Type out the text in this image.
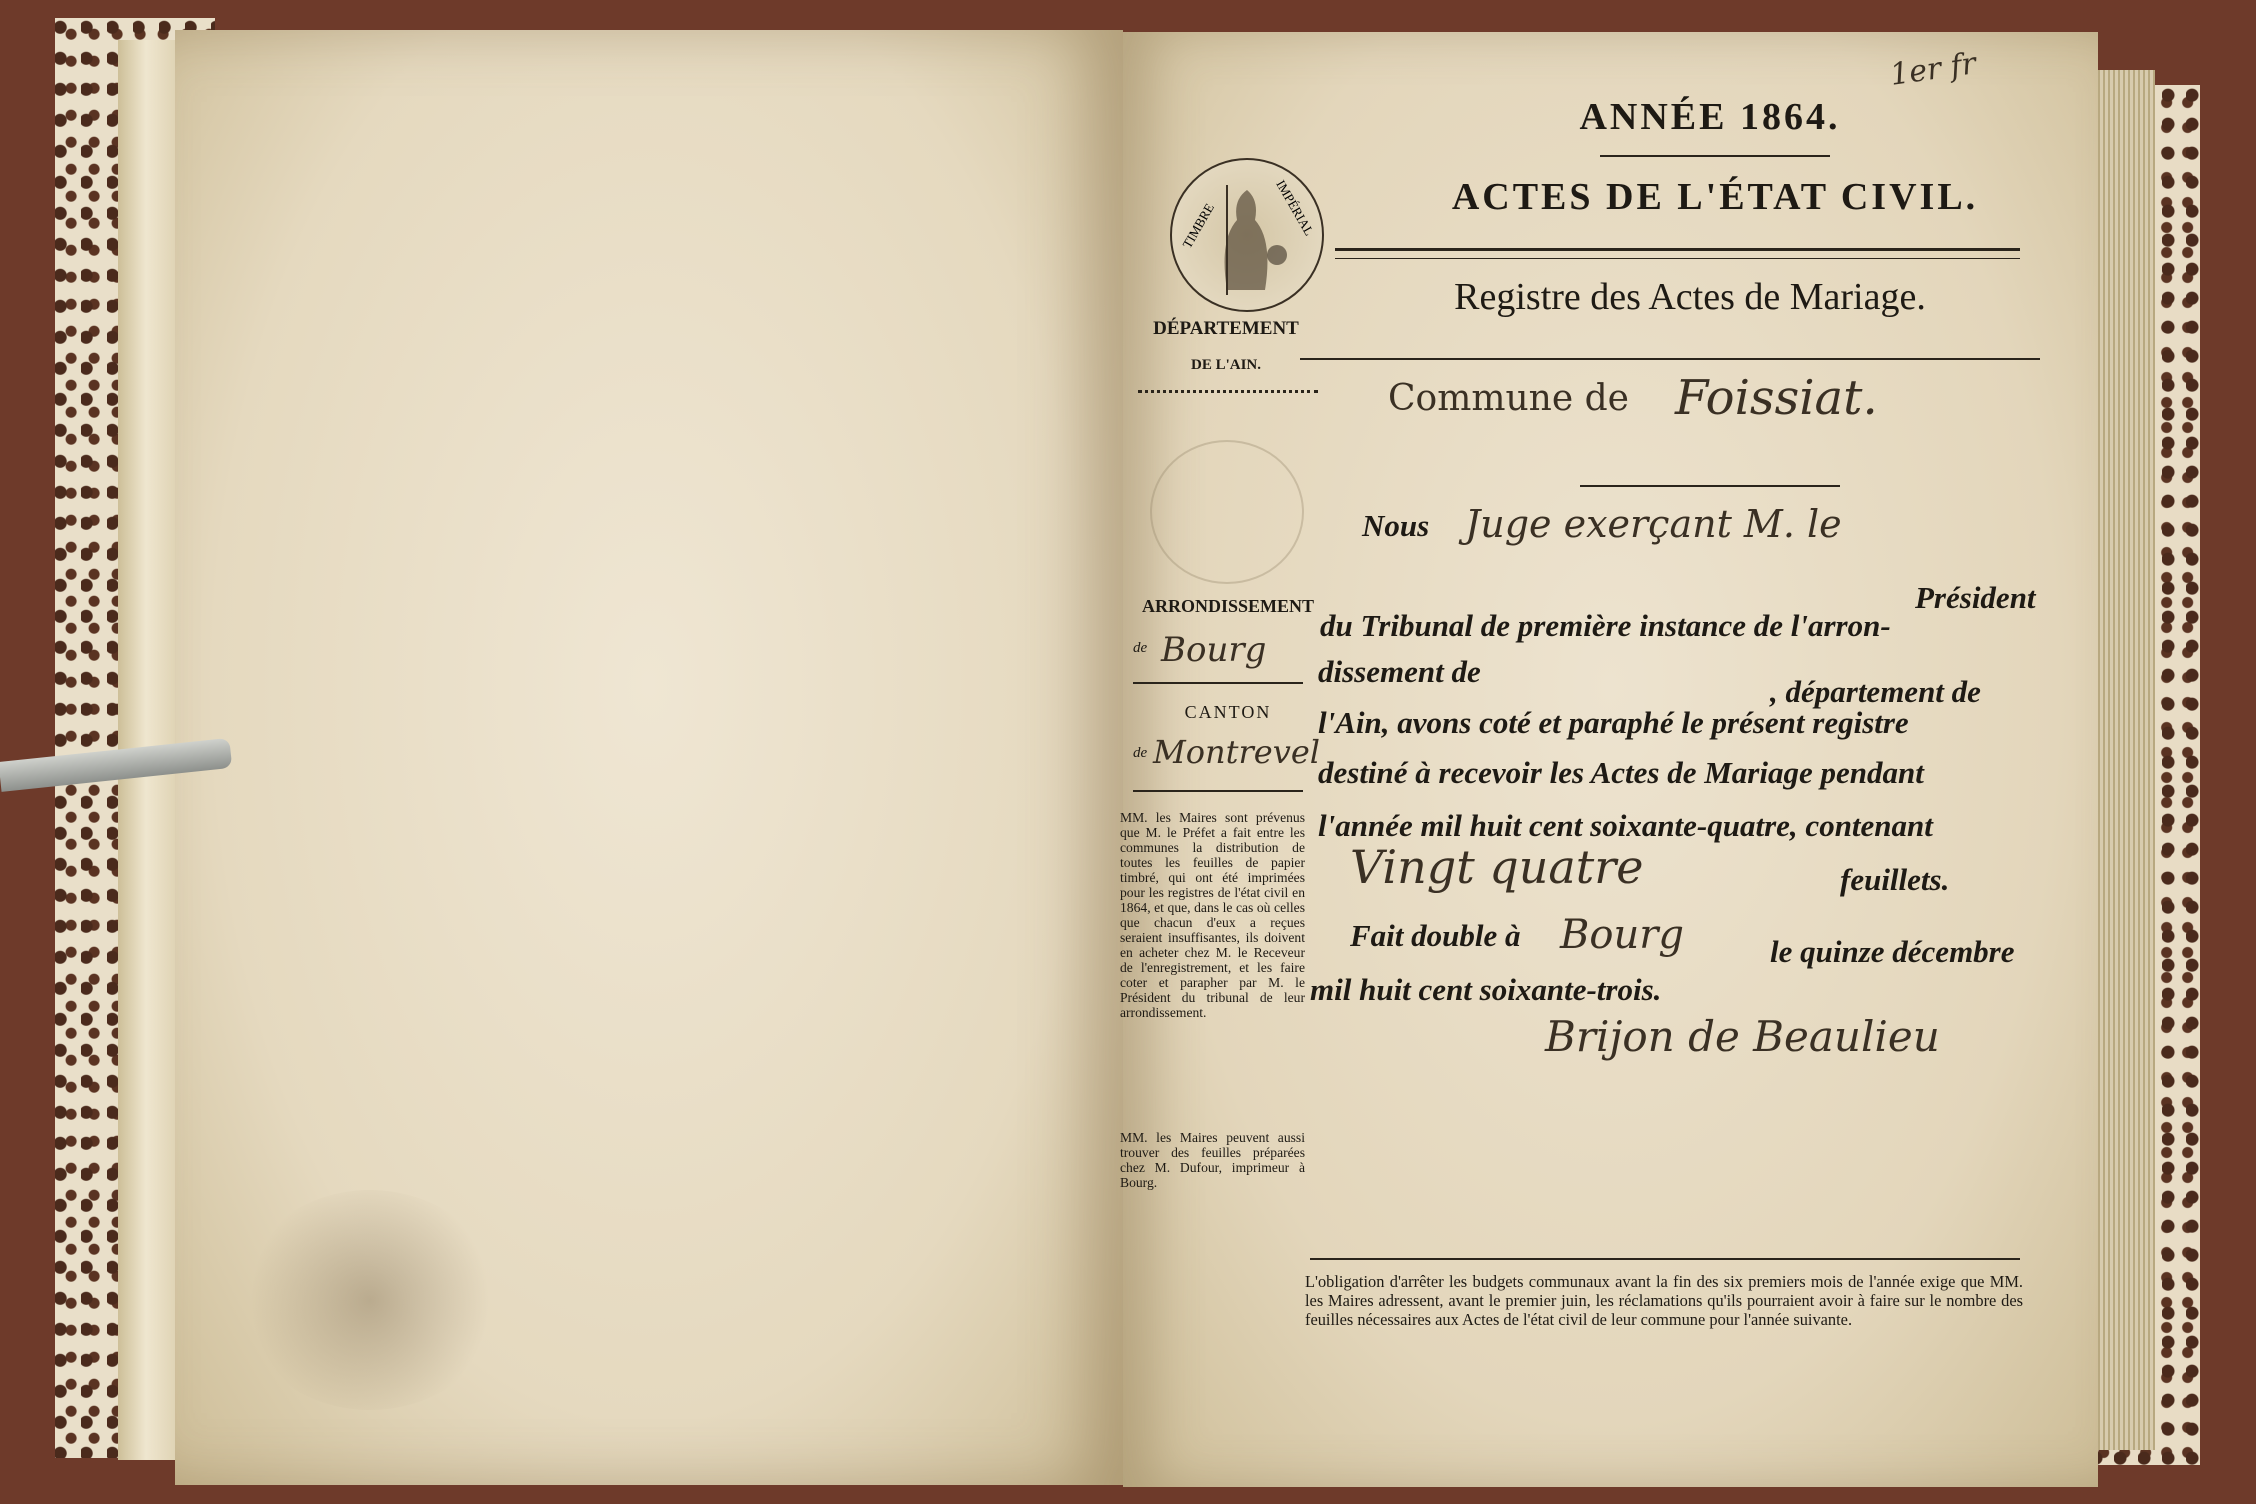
1er fr
ANNÉE 1864.
ACTES DE L'ÉTAT CIVIL.
Registre des Actes de Mariage.
TIMBRE	IMPÉRIAL
DÉPARTEMENT
DE L'AIN.
ARRONDISSEMENT
de Bourg
CANTON
de Montrevel
MM. les Maires sont prévenus que M. le Préfet a fait entre les communes la distribution de toutes les feuilles de papier timbré, qui ont été imprimées pour les registres de l'état civil en 1864, et que, dans le cas où celles que chacun d'eux a reçues seraient insuffisantes, ils doivent en acheter chez M. le Receveur de l'enregistrement, et les faire coter et parapher par M. le Président du tribunal de leur arrondissement.
MM. les Maires peuvent aussi trouver des feuilles préparées chez M. Dufour, imprimeur à Bourg.
Commune de Foissiat.
Nous Juge exerçant M. le
Président
du Tribunal de première instance de l'arron-
dissement de
, département de
l'Ain, avons coté et paraphé le présent registre
destiné à recevoir les Actes de Mariage pendant
l'année mil huit cent soixante-quatre, contenant
Vingt quatre	feuillets.
Fait double à Bourg	le quinze décembre
mil huit cent soixante-trois.
Brijon de Beaulieu
L'obligation d'arrêter les budgets communaux avant la fin des six premiers mois de l'année exige que MM. les Maires adressent, avant le premier juin, les réclamations qu'ils pourraient avoir à faire sur le nombre des feuilles nécessaires aux Actes de l'état civil de leur commune pour l'année suivante.
